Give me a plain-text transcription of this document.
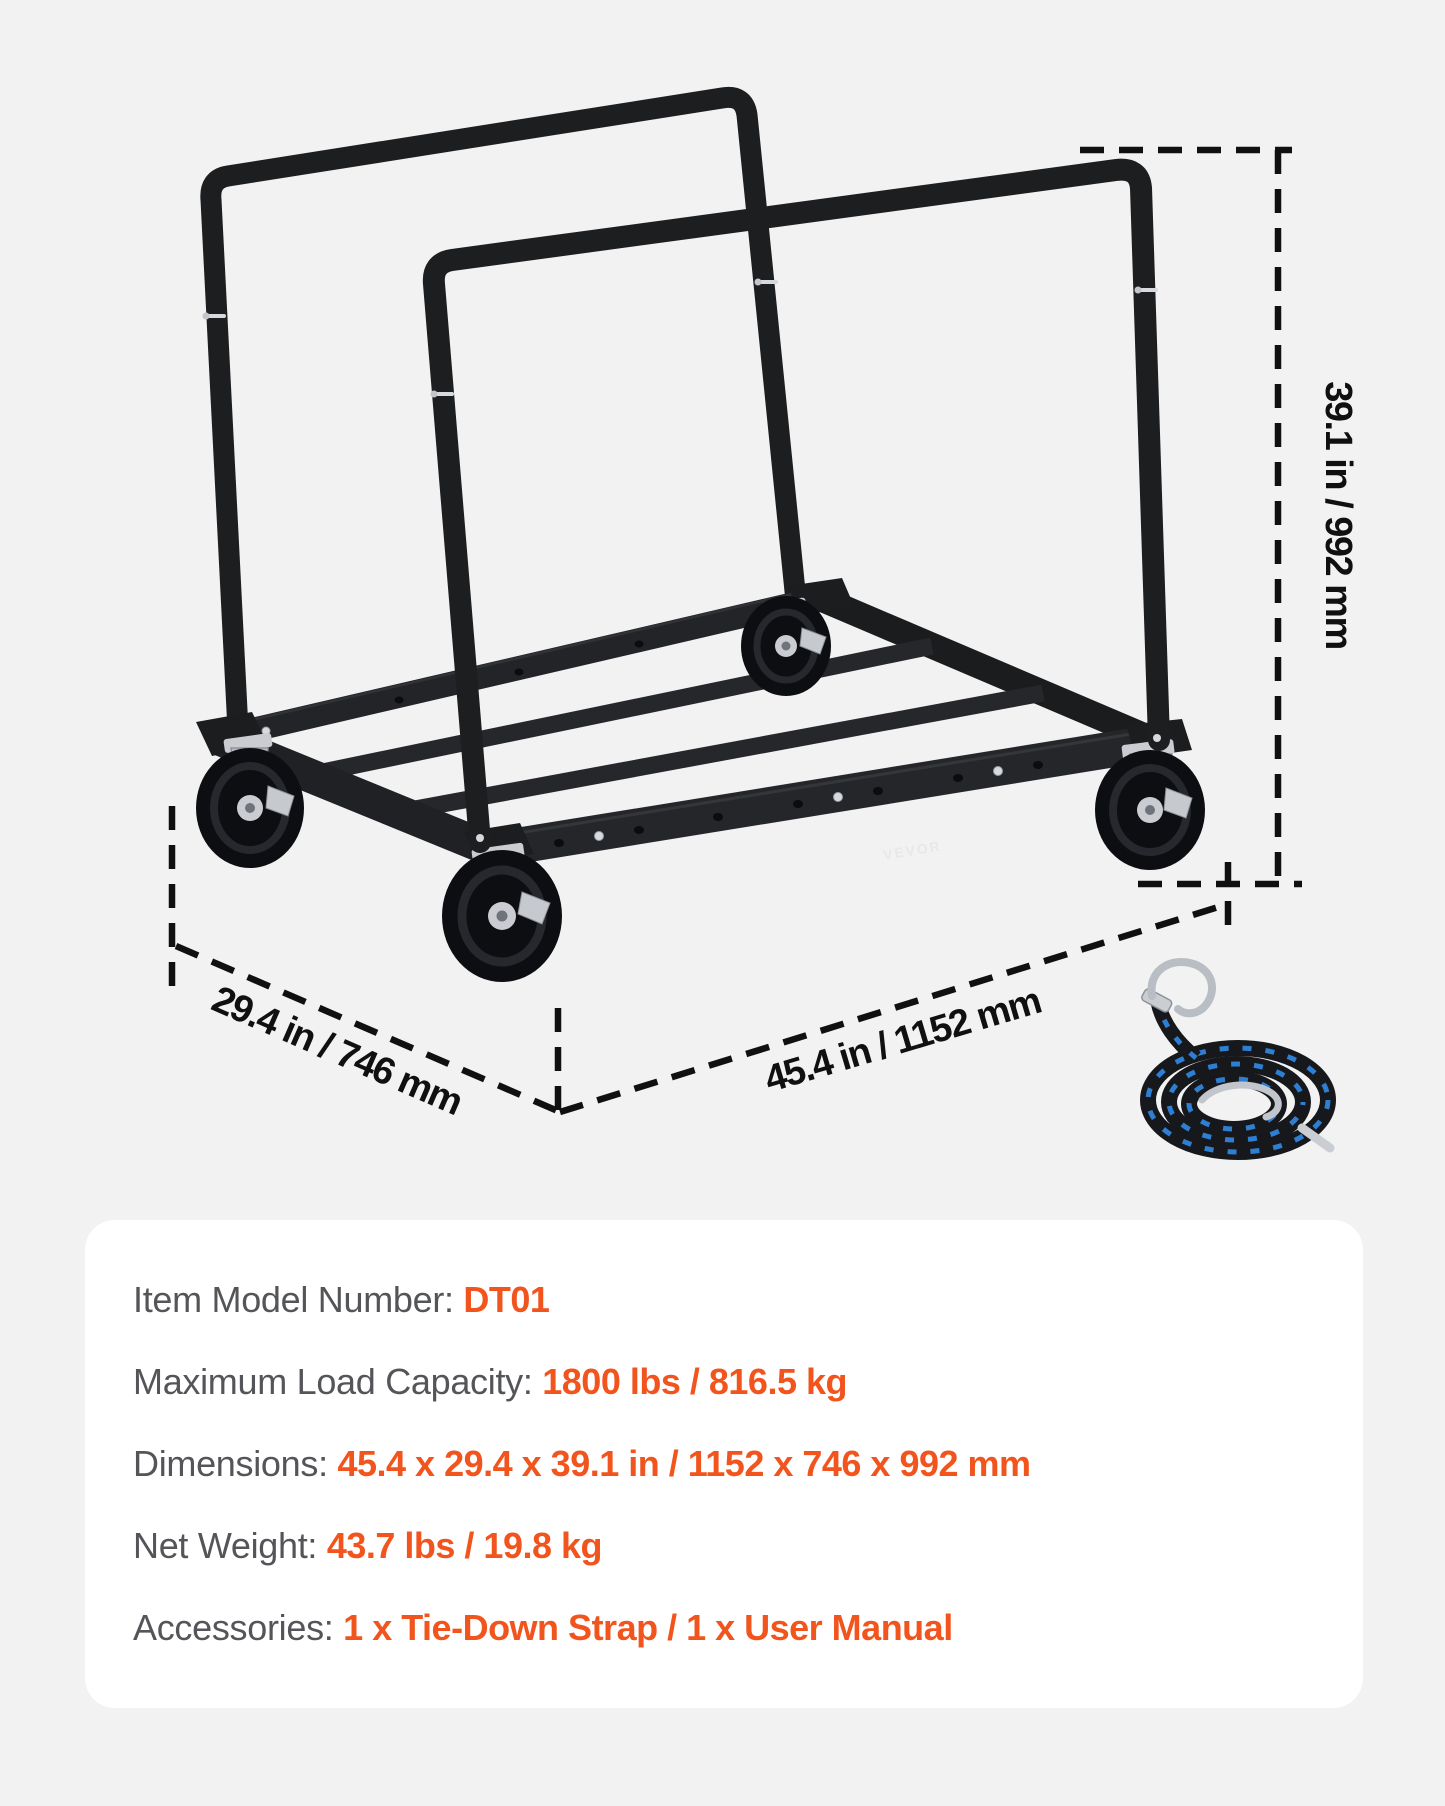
VEVOR
39.1 in / 992 mm
29.4 in / 746 mm	45.4 in / 1152 mm
Item Model Number: DT01
Maximum Load Capacity: 1800 lbs / 816.5 kg
Dimensions: 45.4 x 29.4 x 39.1 in / 1152 x 746 x 992 mm
Net Weight: 43.7 lbs / 19.8 kg
Accessories: 1 x Tie-Down Strap / 1 x User Manual
